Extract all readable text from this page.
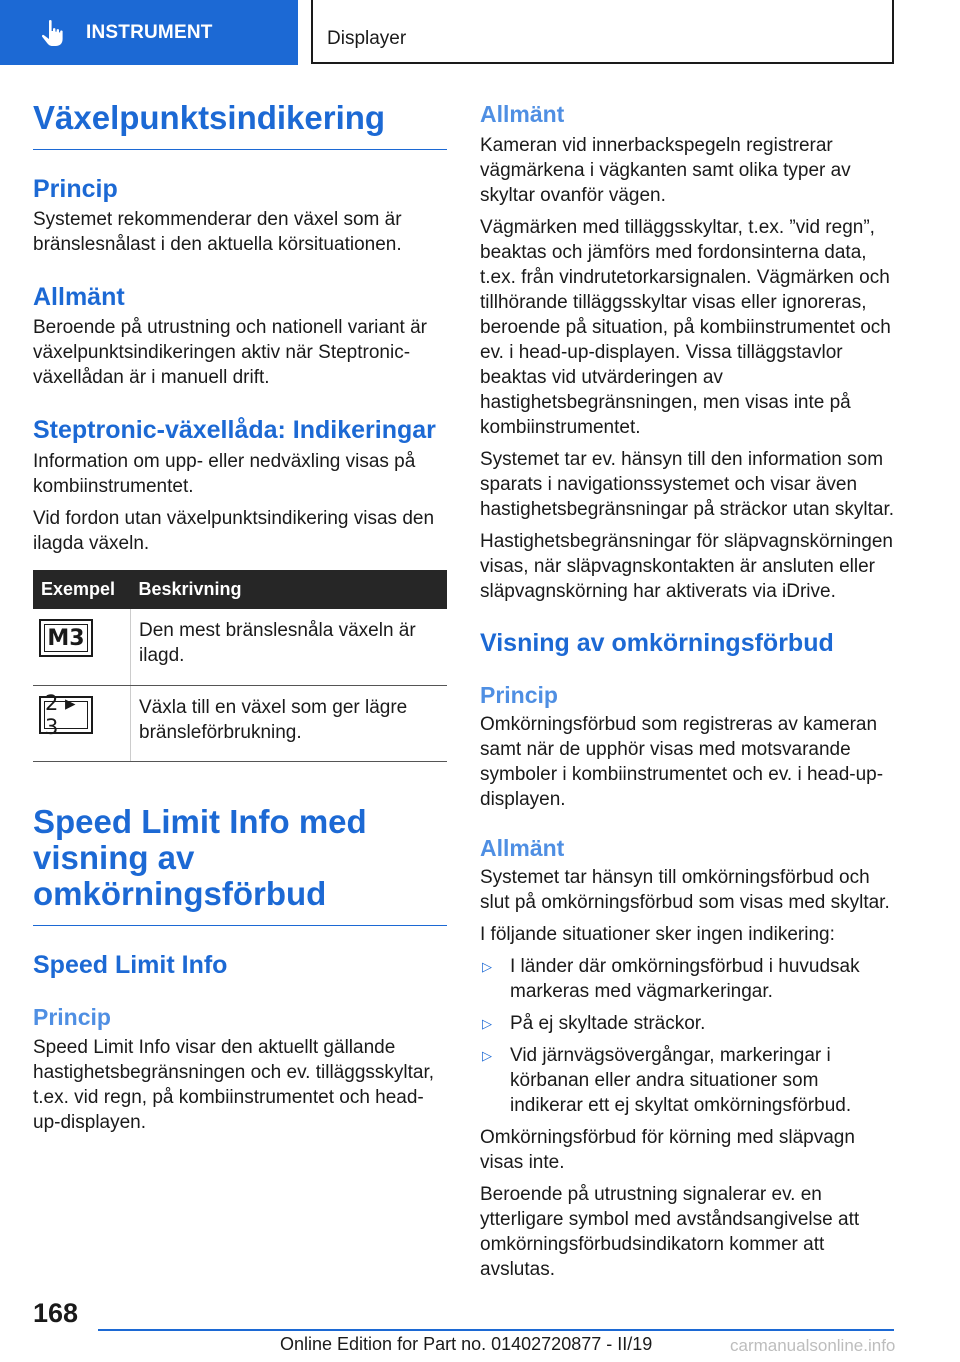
INSTRUMENT	Displayer
Växelpunktsindikering
Princip

Systemet rekommenderar den växel som är bränslesnålast i den aktuella körsituationen.

Allmänt

Beroende på utrustning och nationell variant är växelpunktsindikeringen aktiv när Steptronic-växellådan är i manuell drift.

Steptronic-växellåda: Indikeringar

Information om upp- eller nedväxling visas på kombiinstrumentet.

Vid fordon utan växelpunktsindikering visas den ilagda växeln.

Exempel	Beskrivning

M3	Den mest bränslesnåla växeln är ilagd.

2 ▸ 3	Växla till en växel som ger lägre bränsleförbrukning.

Speed Limit Info med visning av omkörningsförbud
Speed Limit Info
Princip

Speed Limit Info visar den aktuellt gällande hastighetsbegränsningen och ev. tilläggsskyltar, t.ex. vid regn, på kombiinstrumentet och head-up-displayen.

Allmänt

Kameran vid innerbackspegeln registrerar vägmärkena i vägkanten samt olika typer av skyltar ovanför vägen.

Vägmärken med tilläggsskyltar, t.ex. ”vid regn”, beaktas och jämförs med fordonsinterna data, t.ex. från vindrutetorkarsignalen. Vägmärken och tillhörande tilläggsskyltar visas eller ignoreras, beroende på situation, på kombiinstrumentet och ev. i head-up-displayen. Vissa tilläggstavlor beaktas vid utvärderingen av hastighetsbegränsningen, men visas inte på kombiinstrumentet.

Systemet tar ev. hänsyn till den information som sparats i navigationssystemet och visar även hastighetsbegränsningar på sträckor utan skyltar.

Hastighetsbegränsningar för släpvagnskörningen visas, när släpvagnskontakten är ansluten eller släpvagnskörning har aktiverats via iDrive.

Visning av omkörningsförbud
Princip

Omkörningsförbud som registreras av kameran samt när de upphör visas med motsvarande symboler i kombiinstrumentet och ev. i head-up-displayen.

Allmänt

Systemet tar hänsyn till omkörningsförbud och slut på omkörningsförbud som visas med skyltar.

I följande situationer sker ingen indikering:

▷ I länder där omkörningsförbud i huvudsak markeras med vägmarkeringar.
▷ På ej skyltade sträckor.
▷ Vid järnvägsövergångar, markeringar i körbanan eller andra situationer som indikerar ett ej skyltat omkörningsförbud.

Omkörningsförbud för körning med släpvagn visas inte.

Beroende på utrustning signalerar ev. en ytterligare symbol med avståndsangivelse att omkörningsförbudsindikatorn kommer att avslutas.

168
Online Edition for Part no. 01402720877 - II/19	carmanualsonline.info
